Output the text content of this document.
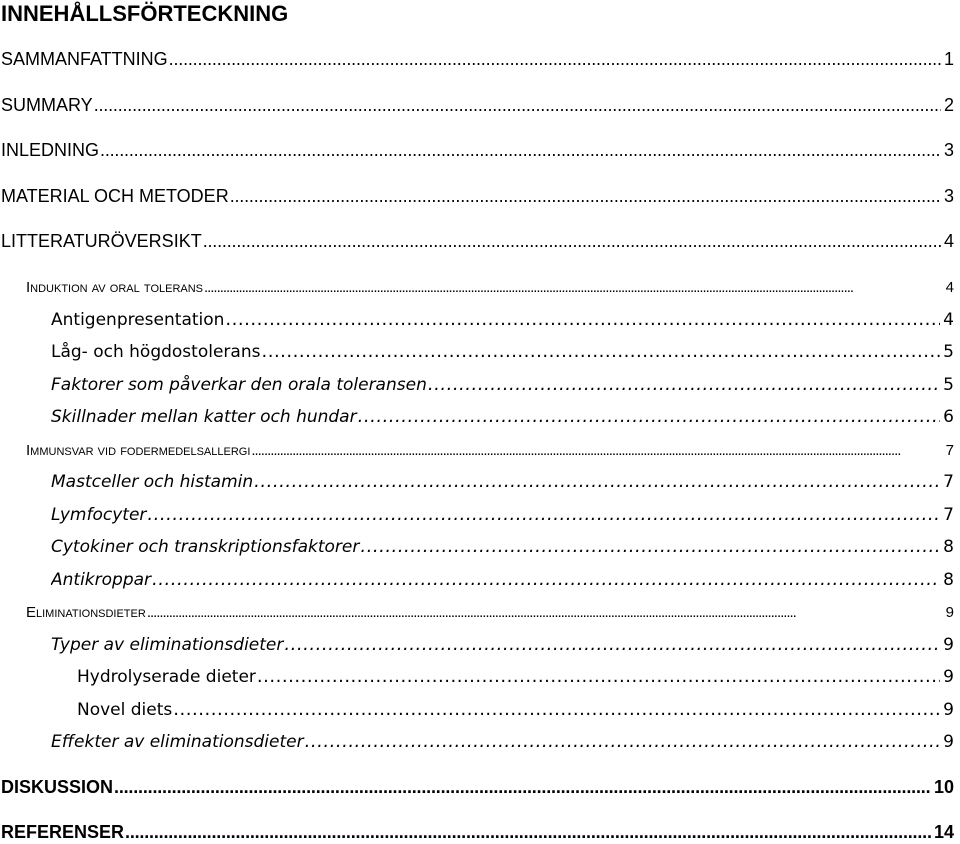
INNEHÅLLSFÖRTECKNING
SAMMANFATTNING . . .	1
SUMMARY . . .	2
INLEDNING . . .	3
MATERIAL OCH METODER . . .	3
LITTERATURÖVERSIKT . . .	4
Induktion av oral tolerans . . .	4
Antigenpresentation . . .	4
Låg- och högdostolerans . . .	5
Faktorer som påverkar den orala toleransen . . .	5
Skillnader mellan katter och hundar . . .	6
Immunsvar vid fodermedelsallergi . . .	7
Mastceller och histamin . . .	7
Lymfocyter . . .	7
Cytokiner och transkriptionsfaktorer . . .	8
Antikroppar . . .	8
Eliminationsdieter . . .	9
Typer av eliminationsdieter . . .	9
Hydrolyserade dieter . . .	9
Novel diets . . .	9
Effekter av eliminationsdieter . . .	9
DISKUSSION . . .	10
REFERENSER . . .	14
